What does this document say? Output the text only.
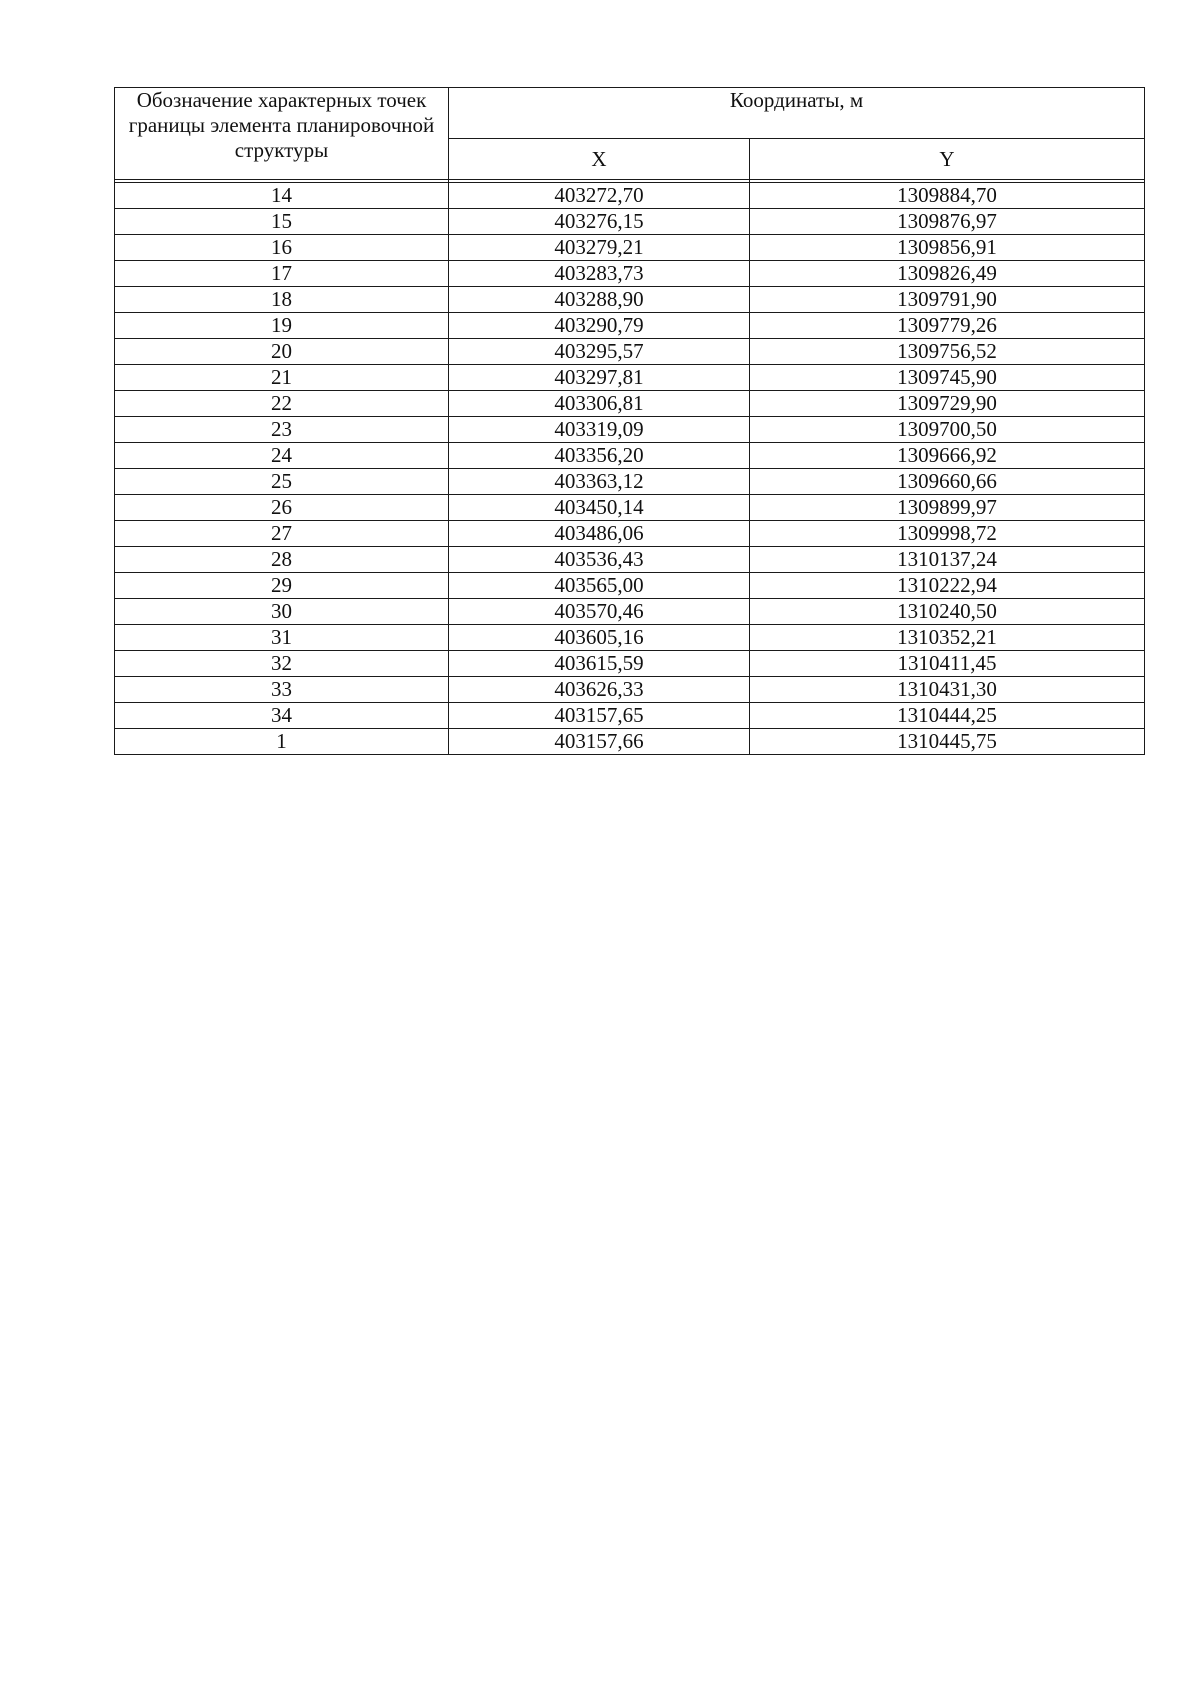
Обозначение характерных точек границы элемента планировочной структуры	Координаты, м	
	X	Y

14	403272,70	1309884,70
15	403276,15	1309876,97
16	403279,21	1309856,91
17	403283,73	1309826,49
18	403288,90	1309791,90
19	403290,79	1309779,26
20	403295,57	1309756,52
21	403297,81	1309745,90
22	403306,81	1309729,90
23	403319,09	1309700,50
24	403356,20	1309666,92
25	403363,12	1309660,66
26	403450,14	1309899,97
27	403486,06	1309998,72
28	403536,43	1310137,24
29	403565,00	1310222,94
30	403570,46	1310240,50
31	403605,16	1310352,21
32	403615,59	1310411,45
33	403626,33	1310431,30
34	403157,65	1310444,25
1	403157,66	1310445,75
